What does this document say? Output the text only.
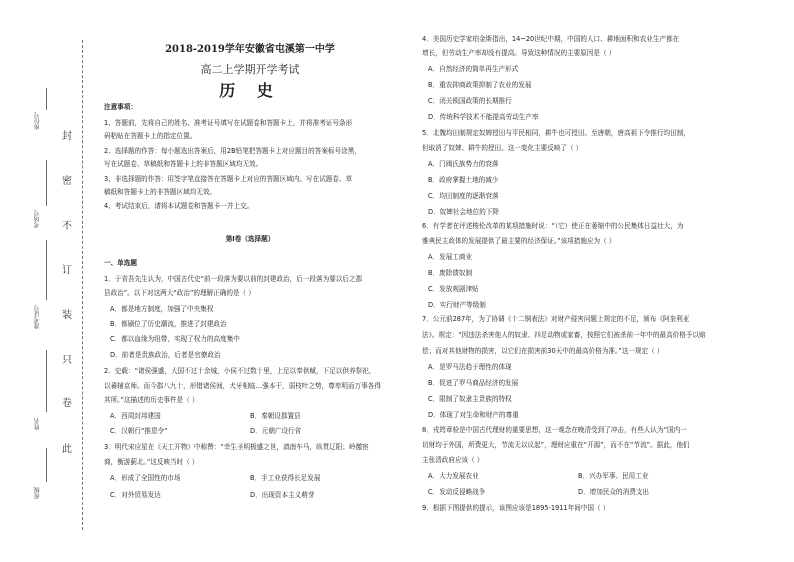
封
密
不
订
装
只
卷
此
座位号
考场号
准考证号
姓名
班级
2018-2019学年安徽省屯溪第一中学
高二上学期开学考试
历 史
注意事项：
1、答题前，先将自己的姓名、准考证号填写在试题卷和答题卡上，并将准考证号条形
码粘贴在答题卡上的指定位置。
2、选择题的作答：每小题选出答案后，用2B铅笔把答题卡上对应题目的答案标号涂黑，
写在试题卷、草稿纸和答题卡上的非答题区域均无效。
3、非选择题的作答：用签字笔直接答在答题卡上对应的答题区域内。写在试题卷、草
稿纸和答题卡上的非答题区域均无效。
4、考试结束后，请将本试题卷和答题卡一并上交。
第Ⅰ卷（选择题）
一、单选题
1．于省吾先生认为，中国古代史“前一段落为要以前的封建政治，后一段落为要以后之郡
县政治”。以下对这两大“政治”的理解正确的是（ ）
A．都是地方制度，加强了中央集权
B．都刷位了历史潮流，推进了封建政治
C．都以血缘为纽带，实现了权力的高度集中
D．前者是贵族政治，后者是官僚政治
2．史载：“诸侯强盛，大国不过十余城，小侯不过数十里，上足以奉供赋，下足以供养祭祀，
以蕃辅京师。而今郡八九十，形错诸侯间，犬牙相临…强本干，弱枝叶之势，尊卑明而万事各得
其所。”这描述的历史事件是（ ）
A．西周封邦建国	B．秦朝设郡置县
C．汉朝行“推恩令”	D．元朝广设行省
3．明代宋应星在《天工开物》中称赞：“幸生圣明极盛之世，滇南车马，纵贯辽阳；岭徼宦
商，衡游蓟北。”这反映当时（ ）
A．形成了全国性的市场	B．手工业获得长足发展
C．对外贸易发达	D．出现资本主义萌芽
4．美国历史学家珀金斯指出，14~20世纪中期，中国的人口、耕地面积和农业生产都在
增长，但劳动生产率却没有提高。导致这种情况的主要原因是（ ）
A．自然经济的简单再生产形式
B．重农抑商政策抑制了农业的发展
C．闭关锁国政策的长期推行
D．传统科学技术不能提高劳动生产率
5．北魏均田制规定奴婢授田与平民相同，耕牛也可授田。至唐朝，唐高祖下令推行均田制，
但取消了奴婢、耕牛的授田。这一变化主要反映了（ ）
A．门阀氏族势力的衰落
B．政府掌握土地的减少
C．均田制度的逐渐衰落
D．奴婢社会地位的下降
6．有学者在评述梭伦改革的某项措施时说：“（它）使正在萎缩中的公民集体日益壮大，为
雅典民主政体的发展提供了最主要的经济保证。”该项措施应为（ ）
A．发展工商业
B．废除债奴制
C．发放观剧津贴
D．实行财产等级制
7．公元前287年，为了协调《十二铜表法》对财产侵害问题上规定的不足，颁布《阿奎利亚
法》。规定：“因违法杀害他人的奴隶、四足动物或家畜，按照它们被杀前一年中的最高价格予以赔
偿；而对其他财物的损害，以它们在损害前30天中的最高价格为准。”这一规定（ ）
A．是罗马法趋于理性的体现
B．促进了罗马商品经济的发展
C．限制了奴隶主贵族的特权
D．体现了对生命和财产的尊重
8．戎筠章检是中国古代理财的重要思想，这一观念在晚清受到了冲击，有些人认为“国内一
切财均于外国，所费更大，节流无以议起”，理财应重在“开源”，而不在“节流”。据此，他们
主张清政府应该（ ）
A．大力发展农业	B．兴办军事、民用工业
C．发动反侵略战争	D．增加民众的消费支出
9．根据下图提供的提示，该图应该是1895-1911年间中国（ ）
